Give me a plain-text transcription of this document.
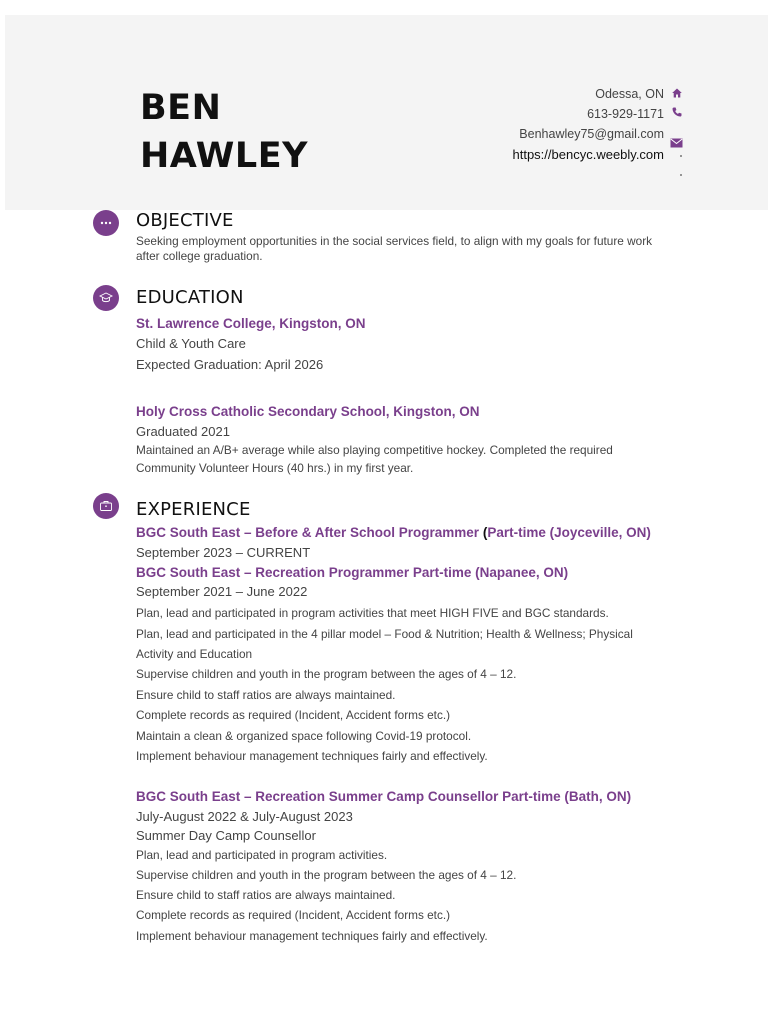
BEN
HAWLEY
Odessa, ON
613-929-1171
Benhawley75@gmail.com
https://bencyc.weebly.com
OBJECTIVE
Seeking employment opportunities in the social services field, to align with my goals for future work
after college graduation.
EDUCATION
St. Lawrence College, Kingston, ON
Child & Youth Care
Expected Graduation: April 2026
Holy Cross Catholic Secondary School, Kingston, ON
Graduated 2021
Maintained an A/B+ average while also playing competitive hockey. Completed the required
Community Volunteer Hours (40 hrs.) in my first year.
EXPERIENCE
BGC South East – Before & After School Programmer (Part-time (Joyceville, ON)
September 2023 – CURRENT
BGC South East – Recreation Programmer Part-time (Napanee, ON)
September 2021 – June 2022
Plan, lead and participated in program activities that meet HIGH FIVE and BGC standards.
Plan, lead and participated in the 4 pillar model – Food & Nutrition; Health & Wellness; Physical
Activity and Education
Supervise children and youth in the program between the ages of 4 – 12.
Ensure child to staff ratios are always maintained.
Complete records as required (Incident, Accident forms etc.)
Maintain a clean & organized space following Covid-19 protocol.
Implement behaviour management techniques fairly and effectively.
BGC South East – Recreation Summer Camp Counsellor Part-time (Bath, ON)
July-August 2022 & July-August 2023
Summer Day Camp Counsellor
Plan, lead and participated in program activities.
Supervise children and youth in the program between the ages of 4 – 12.
Ensure child to staff ratios are always maintained.
Complete records as required (Incident, Accident forms etc.)
Implement behaviour management techniques fairly and effectively.
